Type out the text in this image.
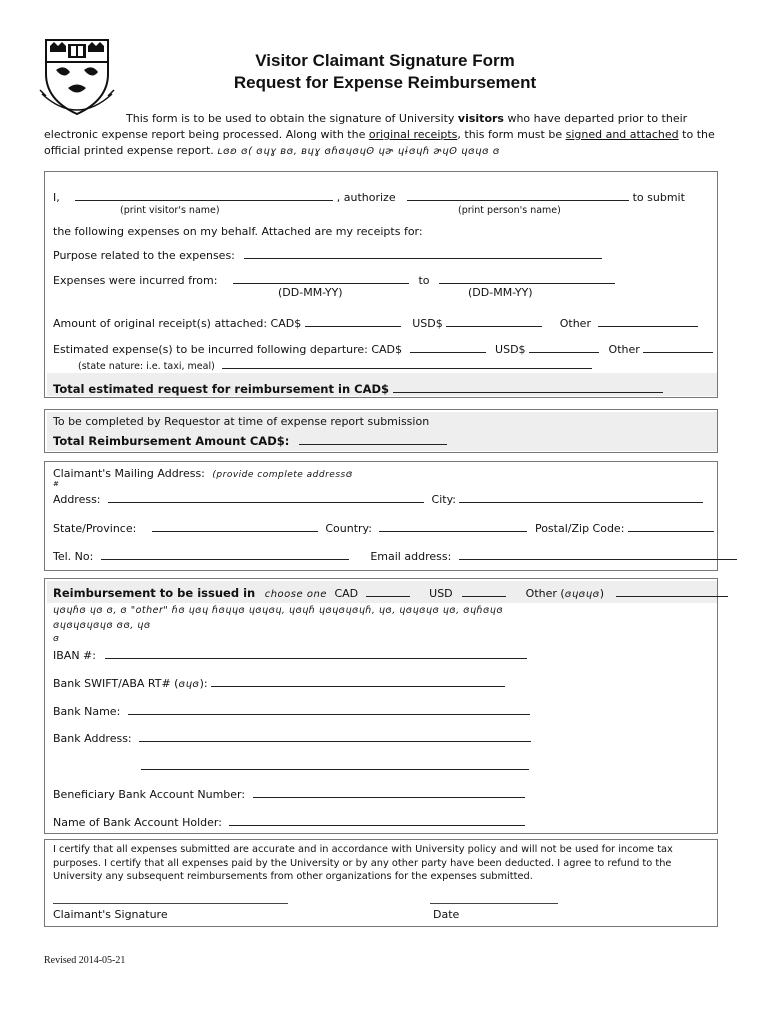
Visitor Claimant Signature Form
Request for Expense Reimbursement
This form is to be used to obtain the signature of University visitors who have departed prior to their electronic expense report being processed. Along with the original receipts, this form must be signed and attached to the official printed expense report. ʟɞʚ ɞ( ɞɥɣ ʙɞ, ʙɥɣ ɞɦɞɥɞɥʘ ɥɚ ɥɨɞɥɦ ɚɥʘ ɥɞɥɞ ɞ
I,	, authorize	to submit
(print visitor's name)	(print person's name)
the following expenses on my behalf. Attached are my receipts for:
Purpose related to the expenses:
Expenses were incurred from:	to
(DD-MM-YY)	(DD-MM-YY)
Amount of original receipt(s) attached: CAD$	USD$	Other
Estimated expense(s) to be incurred following departure: CAD$	USD$	Other
(state nature: i.e. taxi, meal)
Total estimated request for reimbursement in CAD$
To be completed by Requestor at time of expense report submission
Total Reimbursement Amount CAD$:
Claimant's Mailing Address: (provide complete addressɞ
#
Address:	City:
State/Province:	Country:	Postal/Zip Code:
Tel. No:	Email address:
Reimbursement to be issued in choose one CAD	USD	Other (ɞɥɞɥɞ)
ɥɞɥɦɞ ɥɞ ɞ, ɞ "other" ɦɞ ɥɞɥ ɦɞɥɥɞ ɥɞɥɞɥ, ɥɞɥɦ ɥɞɥɞɥɞɥɦ, ɥɞ, ɥɞɥɞɥɞ ɥɞ, ɞɥɦɞɥɞ
ɞɥɞɥɞɥɞɥɞ ɞɞ, ɥɞ
ɞ
IBAN #:
Bank SWIFT/ABA RT# (ɞɥɞ):
Bank Name:
Bank Address:
Beneficiary Bank Account Number:
Name of Bank Account Holder:
I certify that all expenses submitted are accurate and in accordance with University policy and will not be used for income tax purposes. I certify that all expenses paid by the University or by any other party have been deducted. I agree to refund to the University any subsequent reimbursements from other organizations for the expenses submitted.
Claimant's Signature	Date
Revised 2014-05-21
